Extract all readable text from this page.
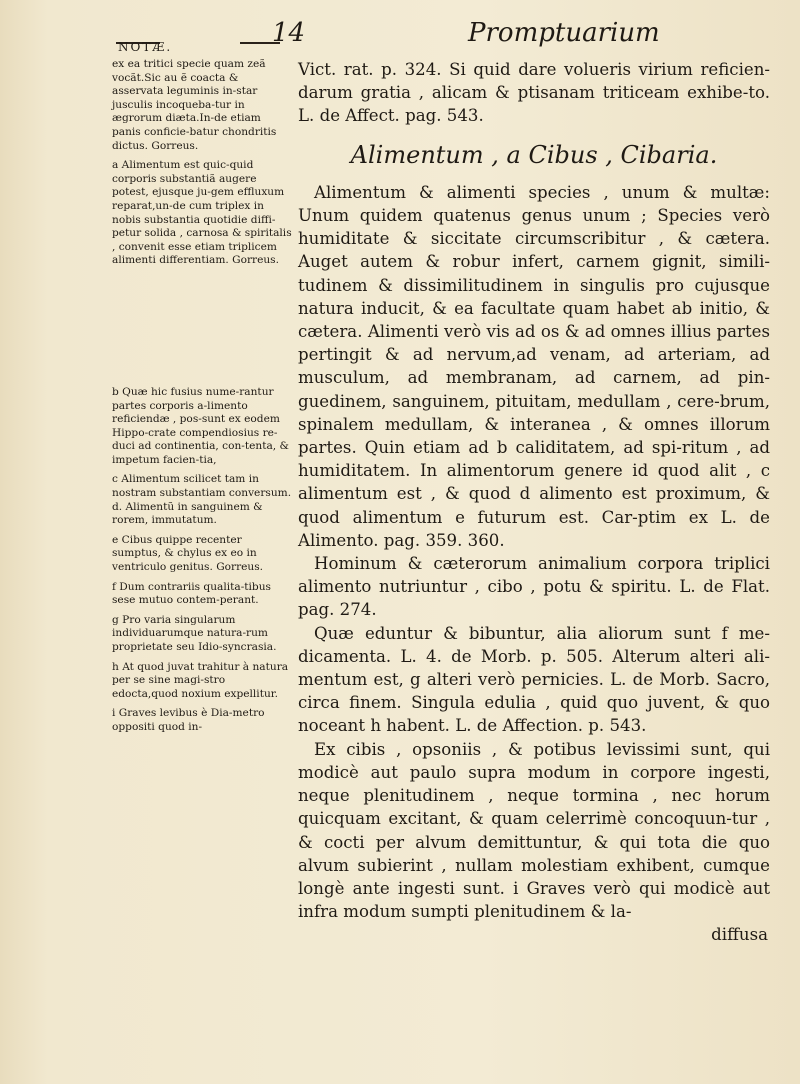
NOTÆ.	14	Promptuarium

ex ea tritici specie quam zeã vocãt.Sic au ẽ coacta & asservata leguminis in-star jusculis incoqueba-tur in ægrorum diæta.In-de etiam panis conficie-batur chondritis dictus. Gorreus.

a Alimentum est quic-quid corporis substantiã augere potest, ejusque ju-gem effluxum reparat,un-de cum triplex in nobis substantia quotidie diffi-petur solida , carnosa & spiritalis , convenit esse etiam triplicem alimenti differentiam. Gorreus.

b Quæ hic fusius nume-rantur partes corporis a-limento reficiendæ , pos-sunt ex eodem Hippo-crate compendiosius re-duci ad continentia, con-tenta, & impetum facien-tia,

c Alimentum scilicet tam in nostram substantiam conversum. d. Alimentũ in sanguinem & rorem, immutatum.

e Cibus quippe recenter sumptus, & chylus ex eo in ventriculo genitus. Gorreus.

f Dum contrariis qualita-tibus sese mutuo contem-perant.

g Pro varia singularum individuarumque natura-rum proprietate seu Idio-syncrasia.

h At quod juvat trahitur à natura per se sine magi-stro edocta,quod noxium expellitur.

i Graves levibus è Dia-metro oppositi quod in-

Vict. rat. p. 324. Si quid dare volueris virium reficien-darum gratia , alicam & ptisanam triticeam exhibe-to. L. de Affect. pag. 543.

Alimentum , a Cibus , Cibaria.

Alimentum & alimenti species , unum & multæ: Unum quidem quatenus genus unum ; Species verò humiditate & siccitate circumscribitur , & cætera. Auget autem & robur infert, carnem gignit, simili-tudinem & dissimilitudinem in singulis pro cujusque natura inducit, & ea facultate quam habet ab initio, & cætera. Alimenti verò vis ad os & ad omnes illius partes pertingit & ad nervum,ad venam, ad arteriam, ad musculum, ad membranam, ad carnem, ad pin-guedinem, sanguinem, pituitam, medullam , cere-brum, spinalem medullam, & interanea , & omnes illorum partes. Quin etiam ad b caliditatem, ad spi-ritum , ad humiditatem. In alimentorum genere id quod alit , c alimentum est , & quod d alimento est proximum, & quod alimentum e futurum est. Car-ptim ex L. de Alimento. pag. 359. 360.

Hominum & cæterorum animalium corpora triplici alimento nutriuntur , cibo , potu & spiritu. L. de Flat. pag. 274.

Quæ eduntur & bibuntur, alia aliorum sunt f me-dicamenta. L. 4. de Morb. p. 505. Alterum alteri ali-mentum est, g alteri verò pernicies. L. de Morb. Sacro, circa finem. Singula edulia , quid quo juvent, & quo noceant h habent. L. de Affection. p. 543.

Ex cibis , opsoniis , & potibus levissimi sunt, qui modicè aut paulo supra modum in corpore ingesti, neque plenitudinem , neque tormina , nec horum quicquam excitant, & quam celerrimè concoquun-tur , & cocti per alvum demittuntur, & qui tota die quo alvum subierint , nullam molestiam exhibent, cumque longè ante ingesti sunt. i Graves verò qui modicè aut infra modum sumpti plenitudinem & la-

diffusa
